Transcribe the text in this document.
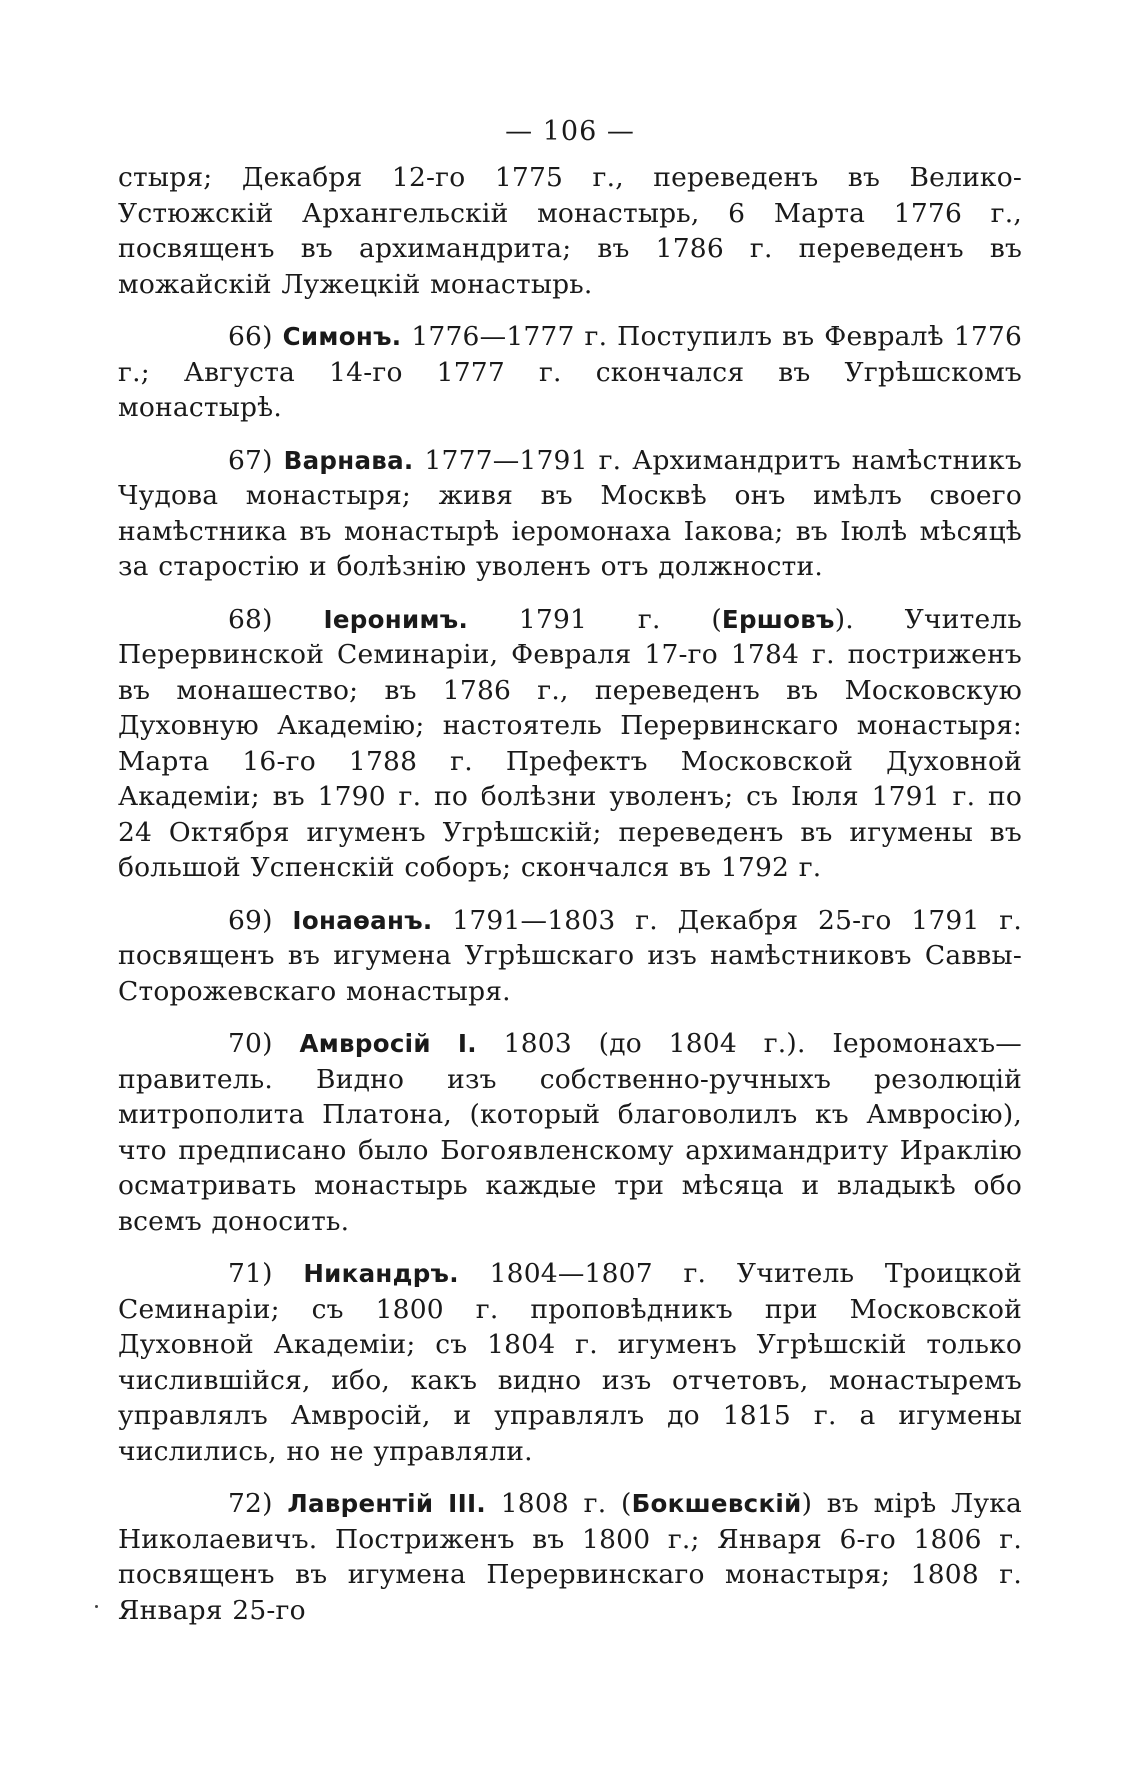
— 106 —

стыря; Декабря 12-го 1775 г., переведенъ въ Велико-Устюжскій Архангельскій монастырь, 6 Марта 1776 г., посвященъ въ архимандрита; въ 1786 г. переведенъ въ можайскій Лужецкій монастырь.

66) Симонъ. 1776—1777 г. Поступилъ въ Февралѣ 1776 г.; Августа 14-го 1777 г. скончался въ Угрѣшскомъ монастырѣ.

67) Варнава. 1777—1791 г. Архимандритъ намѣстникъ Чудова монастыря; живя въ Москвѣ онъ имѣлъ своего намѣстника въ монастырѣ іеромонаха Іакова; въ Іюлѣ мѣсяцѣ за старостію и болѣзнію уволенъ отъ должности.

68) Іеронимъ. 1791 г. (Ершовъ). Учитель Перервинской Семинаріи, Февраля 17-го 1784 г. постриженъ въ монашество; въ 1786 г., переведенъ въ Московскую Духовную Академію; настоятель Перервинскаго монастыря: Марта 16-го 1788 г. Префектъ Московской Духовной Академіи; въ 1790 г. по болѣзни уволенъ; съ Іюля 1791 г. по 24 Октября игуменъ Угрѣшскій; переведенъ въ игумены въ большой Успенскій соборъ; скончался въ 1792 г.

69) Іонаѳанъ. 1791—1803 г. Декабря 25-го 1791 г. посвященъ въ игумена Угрѣшскаго изъ намѣстниковъ Саввы-Сторожевскаго монастыря.

70) Амвросій І. 1803 (до 1804 г.). Іеромонахъ—правитель. Видно изъ собственно-ручныхъ резолюцій митрополита Платона, (который благоволилъ къ Амвросію), что предписано было Богоявленскому архимандриту Ираклію осматривать монастырь каждые три мѣсяца и владыкѣ обо всемъ доносить.

71) Никандръ. 1804—1807 г. Учитель Троицкой Семинаріи; съ 1800 г. проповѣдникъ при Московской Духовной Академіи; съ 1804 г. игуменъ Угрѣшскій только числившійся, ибо, какъ видно изъ отчетовъ, монастыремъ управлялъ Амвросій, и управлялъ до 1815 г. а игумены числились, но не управляли.

72) Лаврентій ІІІ. 1808 г. (Бокшевскій) въ мірѣ Лука Николаевичъ. Постриженъ въ 1800 г.; Января 6-го 1806 г. посвященъ въ игумена Перервинскаго монастыря; 1808 г. Января 25-го
